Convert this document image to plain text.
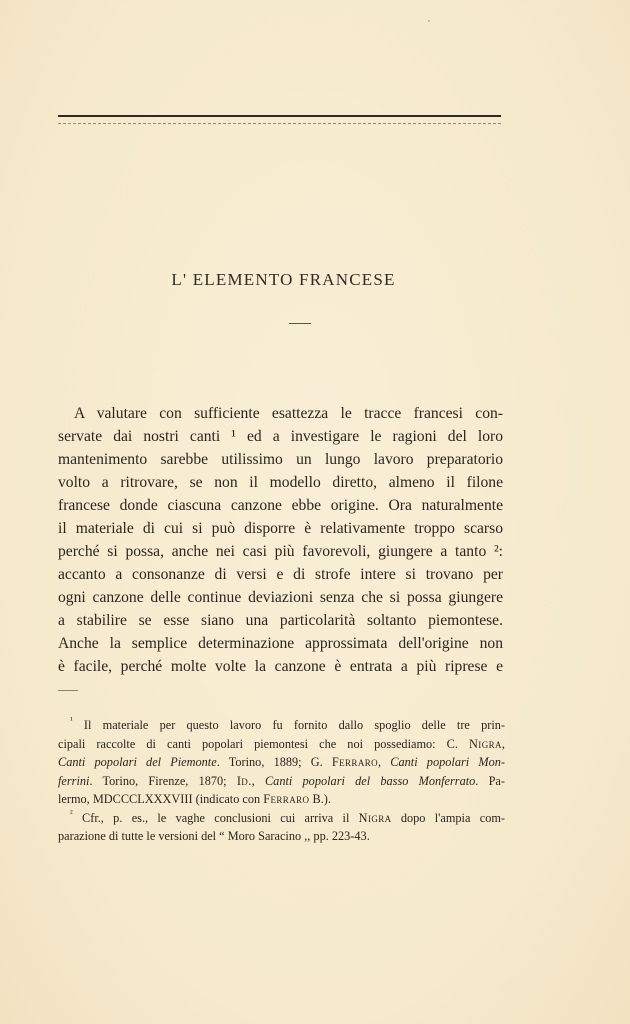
L' ELEMENTO FRANCESE
A valutare con sufficiente esattezza le tracce francesi con-
servate dai nostri canti ¹ ed a investigare le ragioni del loro
mantenimento sarebbe utilissimo un lungo lavoro preparatorio
volto a ritrovare, se non il modello diretto, almeno il filone
francese donde ciascuna canzone ebbe origine. Ora naturalmente
il materiale di cui si può disporre è relativamente troppo scarso
perché si possa, anche nei casi più favorevoli, giungere a tanto ²:
accanto a consonanze di versi e di strofe intere si trovano per
ogni canzone delle continue deviazioni senza che si possa giungere
a stabilire se esse siano una particolarità soltanto piemontese.
Anche la semplice determinazione approssimata dell'origine non
è facile, perché molte volte la canzone è entrata a più riprese e
$^{^1}$ Il materiale per questo lavoro fu fornito dallo spoglio delle tre prin-
cipali raccolte di canti popolari piemontesi che noi possediamo: C. Nigra,
Canti popolari del Piemonte. Torino, 1889; G. Ferraro, Canti popolari Mon-
ferrini. Torino, Firenze, 1870; Id., Canti popolari del basso Monferrato. Pa-
lermo, MDCCCLXXXVIII (indicato con Ferraro B.).
$^{^2}$ Cfr., p. es., le vaghe conclusioni cui arriva il Nigra dopo l'ampia com-
parazione di tutte le versioni del “ Moro Saracino ,, pp. 223-43.
